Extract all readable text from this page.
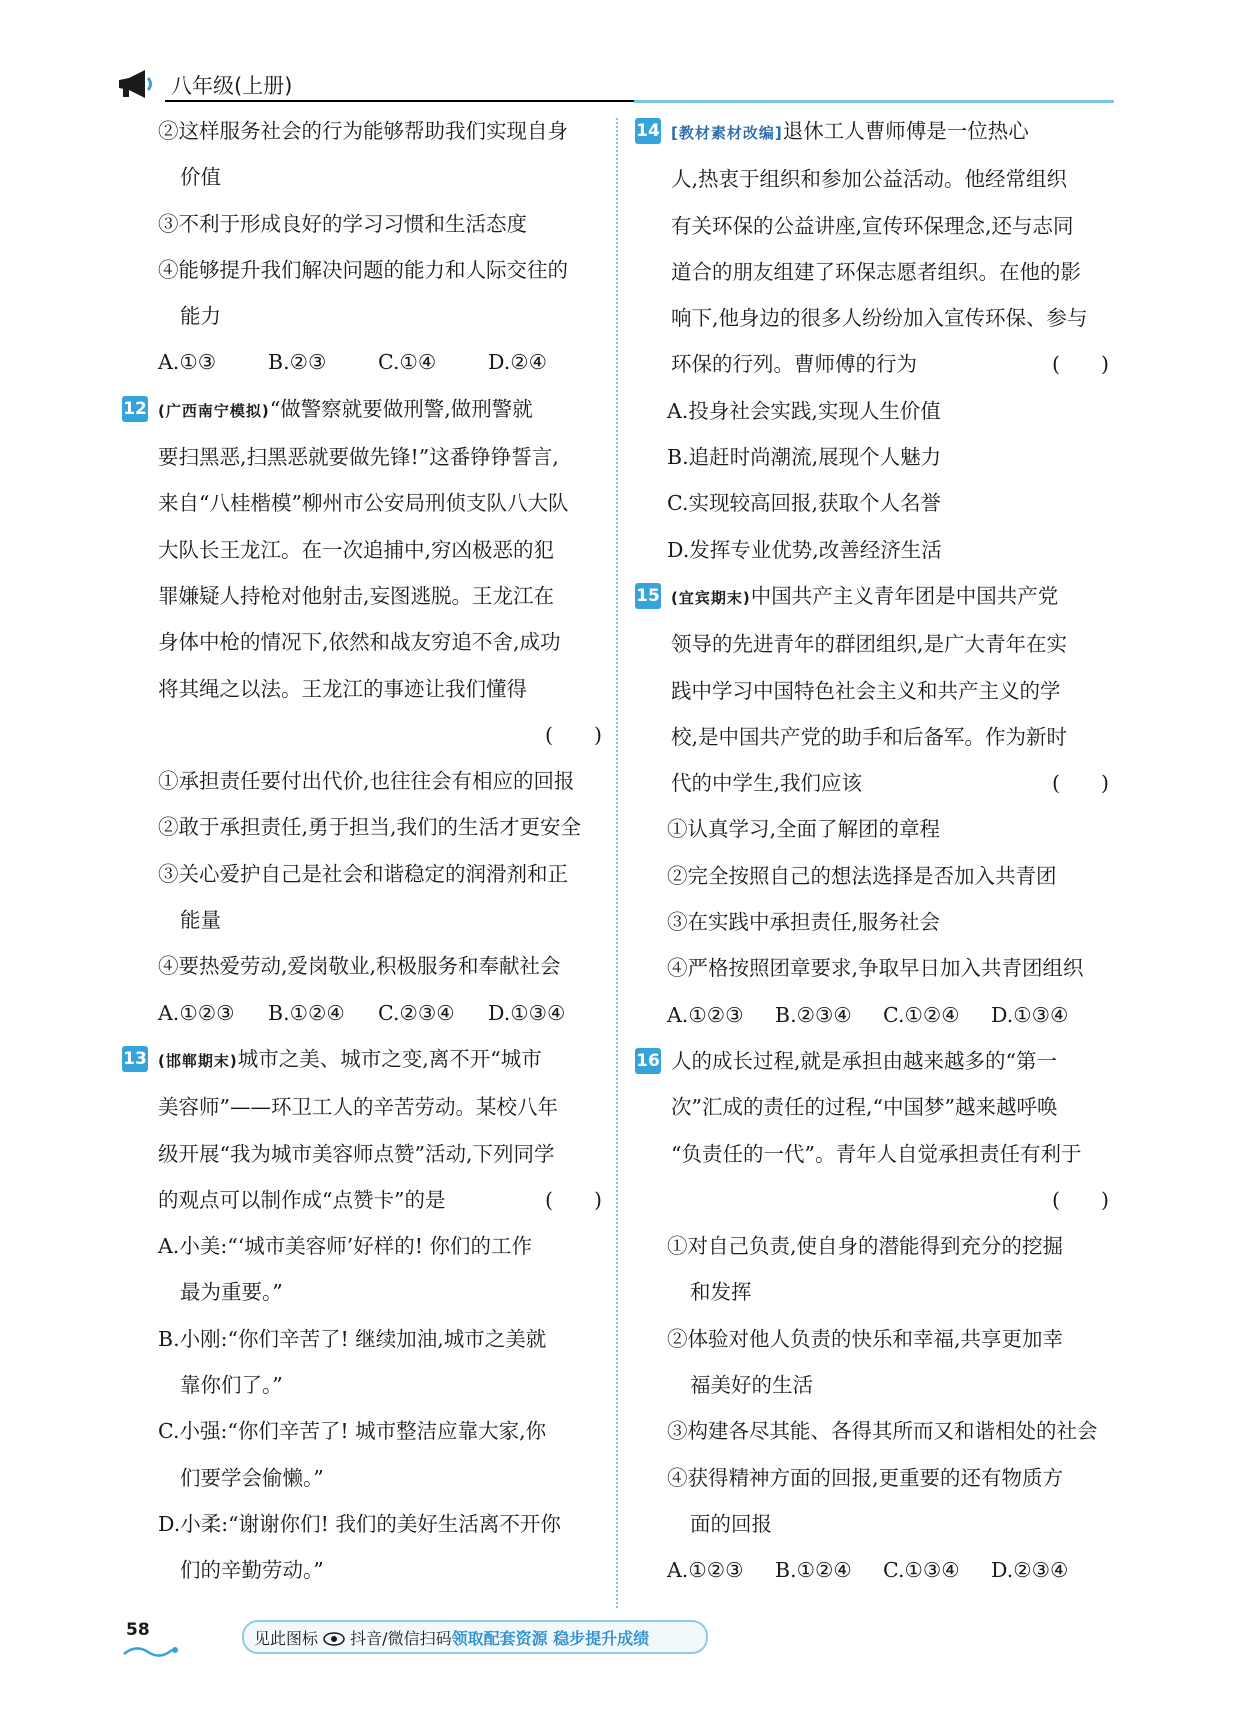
八年级(上册)
②这样服务社会的行为能够帮助我们实现自身
价值
③不利于形成良好的学习习惯和生活态度
④能够提升我们解决问题的能力和人际交往的
能力
A.①③	B.②③	C.①④	D.②④
12 (广西南宁模拟)“做警察就要做刑警,做刑警就
要扫黑恶,扫黑恶就要做先锋!”这番铮铮誓言,
来自“八桂楷模”柳州市公安局刑侦支队八大队
大队长王龙江。在一次追捕中,穷凶极恶的犯
罪嫌疑人持枪对他射击,妄图逃脱。王龙江在
身体中枪的情况下,依然和战友穷追不舍,成功
将其绳之以法。王龙江的事迹让我们懂得
(　　)

①承担责任要付出代价,也往往会有相应的回报
②敢于承担责任,勇于担当,我们的生活才更安全
③关心爱护自己是社会和谐稳定的润滑剂和正
能量
④要热爱劳动,爱岗敬业,积极服务和奉献社会
A.①②③ B.①②④ C.②③④ D.①③④
13 (邯郸期末)城市之美、城市之变,离不开“城市
美容师”——环卫工人的辛苦劳动。某校八年
级开展“我为城市美容师点赞”活动,下列同学
的观点可以制作成“点赞卡”的是	(　　)
A.小美:“‘城市美容师’好样的! 你们的工作
最为重要。”
B.小刚:“你们辛苦了! 继续加油,城市之美就
靠你们了。”
C.小强:“你们辛苦了! 城市整洁应靠大家,你
们要学会偷懒。”
D.小柔:“谢谢你们! 我们的美好生活离不开你
们的辛勤劳动。”
14 [教材素材改编]退休工人曹师傅是一位热心
人,热衷于组织和参加公益活动。他经常组织
有关环保的公益讲座,宣传环保理念,还与志同
道合的朋友组建了环保志愿者组织。在他的影
响下,他身边的很多人纷纷加入宣传环保、参与
环保的行列。曹师傅的行为	(　　)
A.投身社会实践,实现人生价值
B.追赶时尚潮流,展现个人魅力
C.实现较高回报,获取个人名誉
D.发挥专业优势,改善经济生活
15 (宜宾期末)中国共产主义青年团是中国共产党
领导的先进青年的群团组织,是广大青年在实
践中学习中国特色社会主义和共产主义的学
校,是中国共产党的助手和后备军。作为新时
代的中学生,我们应该	(　　)
①认真学习,全面了解团的章程
②完全按照自己的想法选择是否加入共青团
③在实践中承担责任,服务社会
④严格按照团章要求,争取早日加入共青团组织
A.①②③ B.②③④ C.①②④ D.①③④
16 人的成长过程,就是承担由越来越多的“第一
次”汇成的责任的过程,“中国梦”越来越呼唤
“负责任的一代”。青年人自觉承担责任有利于
(　　)

①对自己负责,使自身的潜能得到充分的挖掘
和发挥
②体验对他人负责的快乐和幸福,共享更加幸
福美好的生活
③构建各尽其能、各得其所而又和谐相处的社会
④获得精神方面的回报,更重要的还有物质方
面的回报
A.①②③ B.①②④ C.①③④ D.②③④
58	见此图标  抖音/微信扫码领取配套资源 稳步提升成绩
